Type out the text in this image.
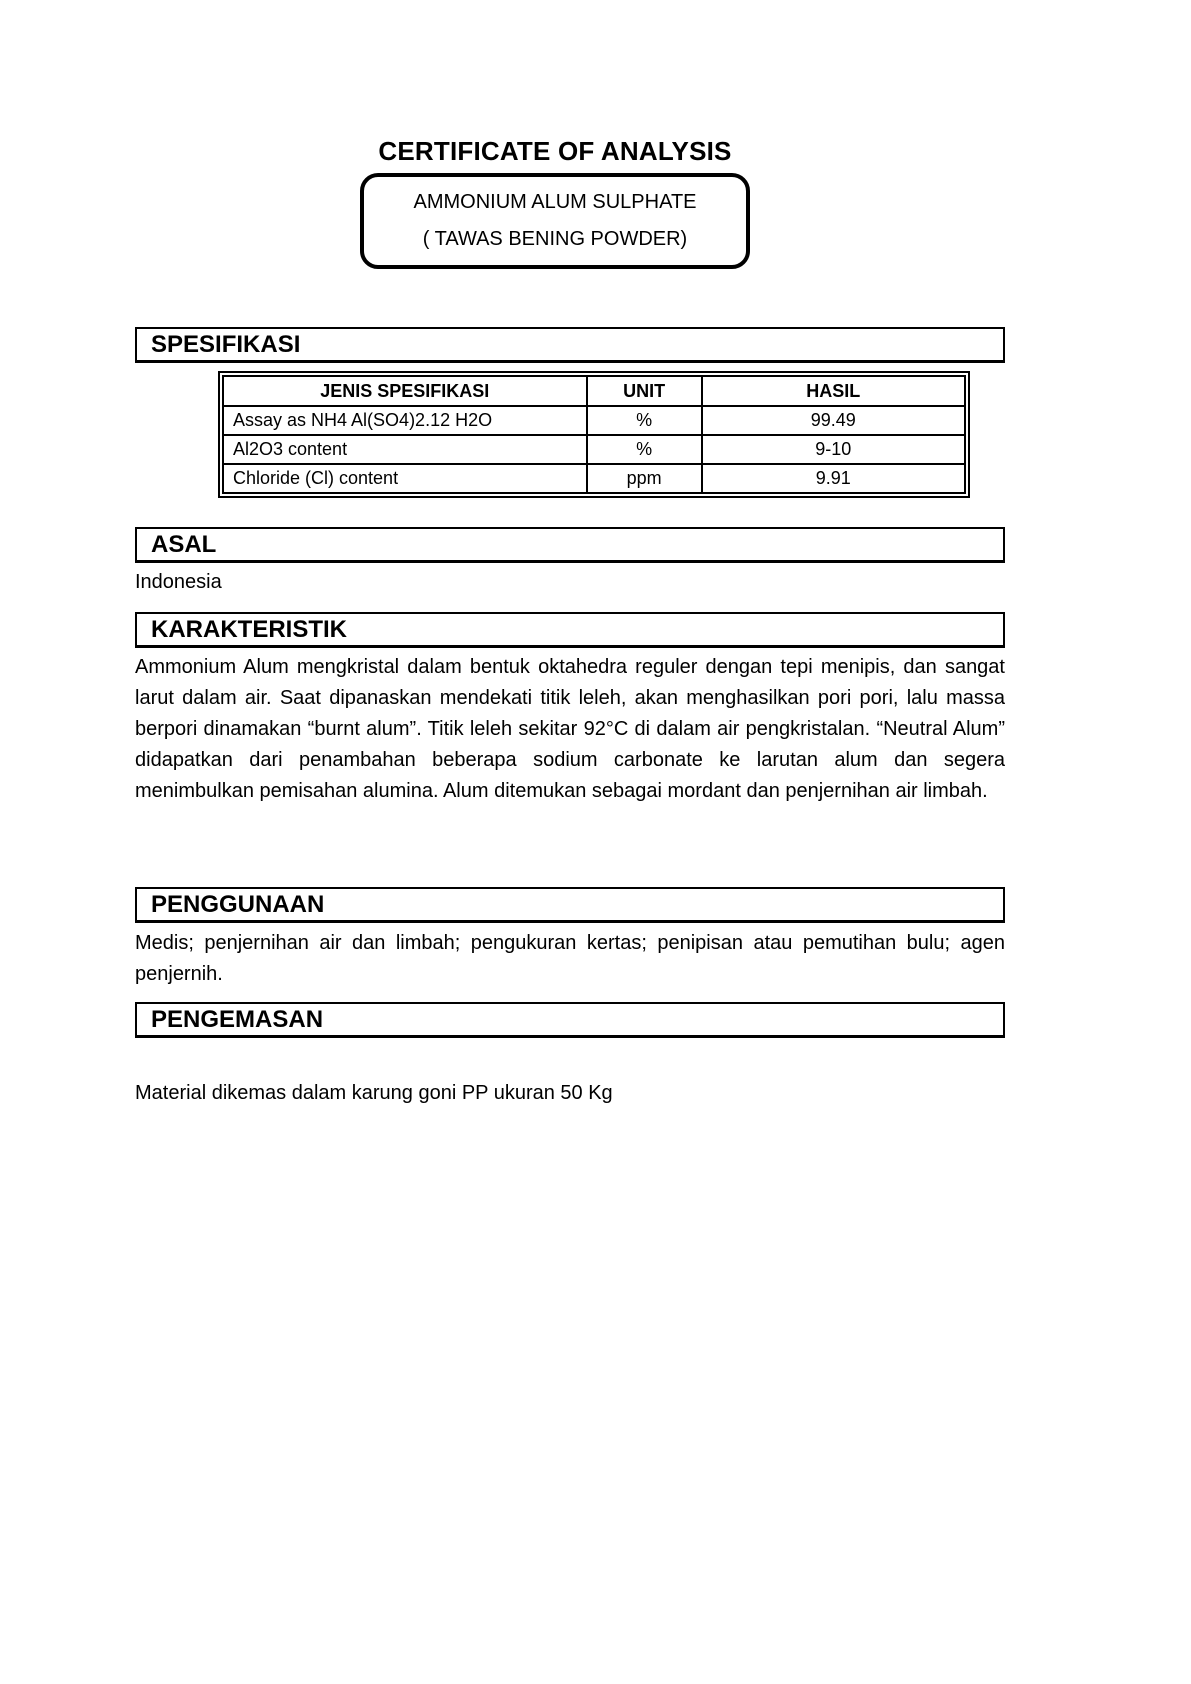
CERTIFICATE OF ANALYSIS
AMMONIUM ALUM SULPHATE
( TAWAS BENING POWDER)
SPESIFIKASI
JENIS SPESIFIKASI	UNIT	HASIL
Assay as NH4 Al(SO4)2.12 H2O	%	99.49
Al2O3 content	%	9-10
Chloride (Cl) content	ppm	9.91
ASAL
Indonesia
KARAKTERISTIK
Ammonium Alum mengkristal dalam bentuk oktahedra reguler dengan tepi menipis, dan sangat larut dalam air. Saat dipanaskan mendekati titik leleh, akan menghasilkan pori pori, lalu massa berpori dinamakan “burnt alum”. Titik leleh sekitar 92°C di dalam air pengkristalan. “Neutral Alum” didapatkan dari penambahan beberapa sodium carbonate ke larutan alum dan segera menimbulkan pemisahan alumina. Alum ditemukan sebagai mordant dan penjernihan air limbah.
PENGGUNAAN
Medis; penjernihan air dan limbah; pengukuran kertas; penipisan atau pemutihan bulu; agen penjernih.
PENGEMASAN
Material dikemas dalam karung goni PP ukuran 50 Kg
